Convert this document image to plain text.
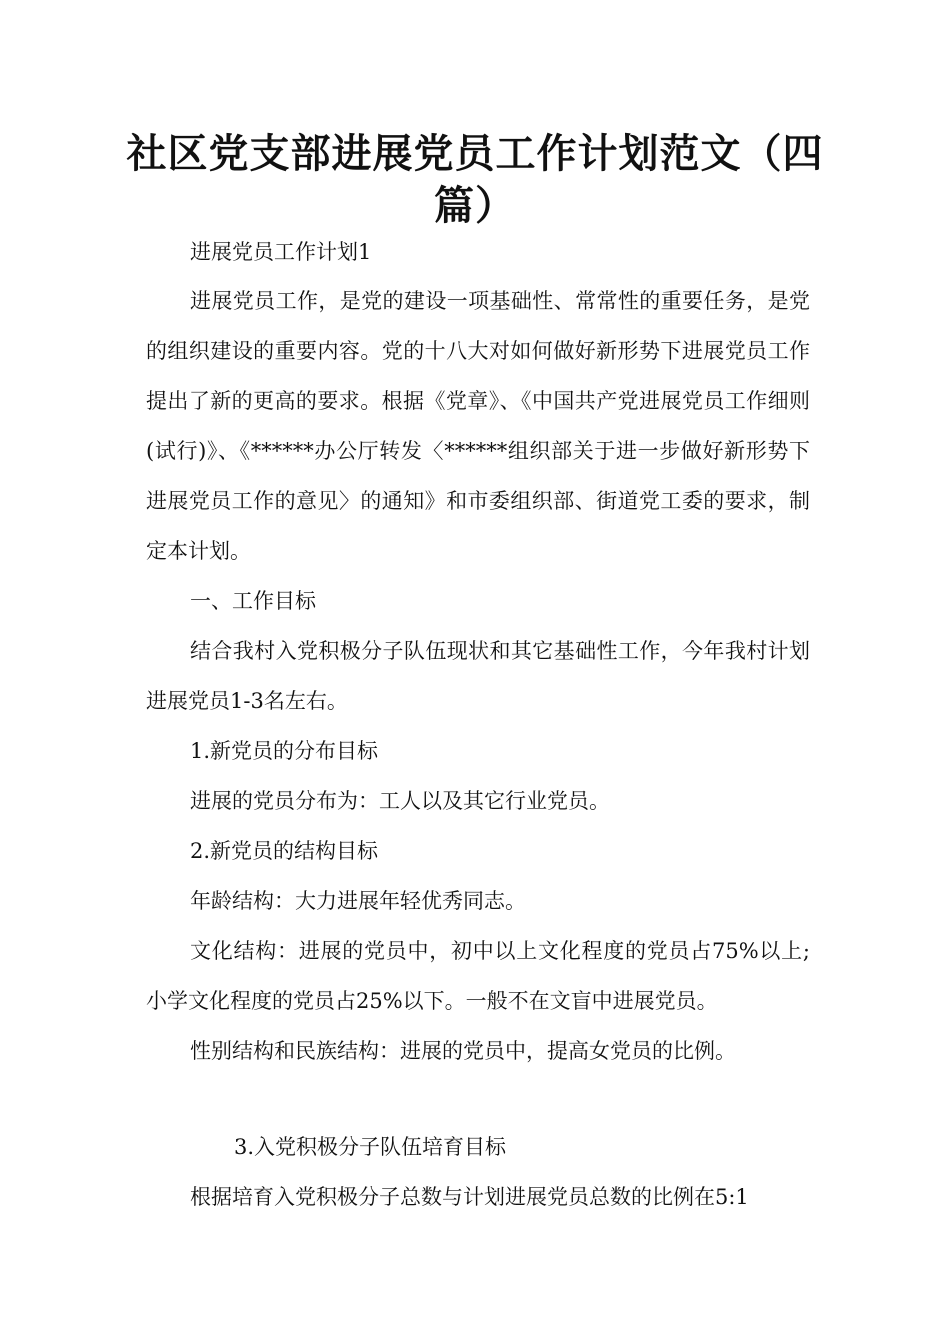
社区党支部进展党员工作计划范文（四篇）
进展党员工作计划1
进展党员工作，是党的建设一项基础性、常常性的重要任务，是党的组织建设的重要内容。党的十八大对如何做好新形势下进展党员工作提出了新的更高的要求。根据《党章》、《中国共产党进展党员工作细则(试行)》、《******办公厅转发〈******组织部关于进一步做好新形势下进展党员工作的意见〉的通知》和市委组织部、街道党工委的要求，制定本计划。
一、工作目标
结合我村入党积极分子队伍现状和其它基础性工作，今年我村计划进展党员1-3名左右。
1.新党员的分布目标
进展的党员分布为：工人以及其它行业党员。
2.新党员的结构目标
年龄结构：大力进展年轻优秀同志。
文化结构：进展的党员中，初中以上文化程度的党员占75%以上;小学文化程度的党员占25%以下。一般不在文盲中进展党员。
性别结构和民族结构：进展的党员中，提高女党员的比例。
3.入党积极分子队伍培育目标
根据培育入党积极分子总数与计划进展党员总数的比例在5:1
